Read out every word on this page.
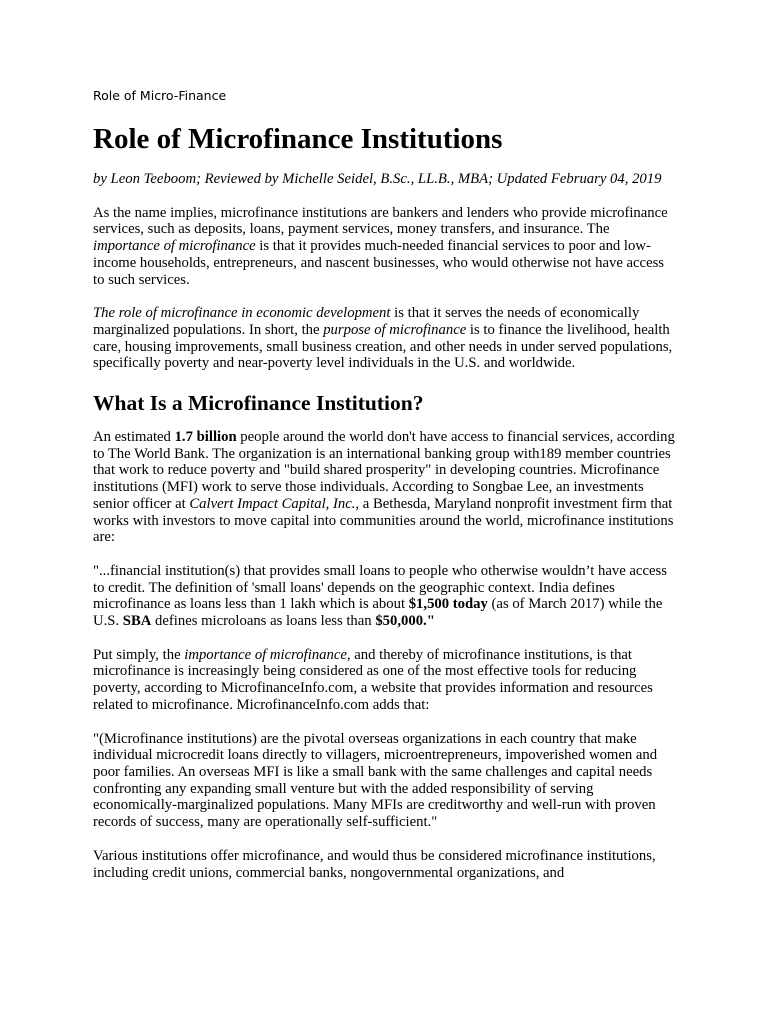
Role of Micro-Finance
Role of Microfinance Institutions

by Leon Teeboom; Reviewed by Michelle Seidel, B.Sc., LL.B., MBA; Updated February 04, 2019

As the name implies, microfinance institutions are bankers and lenders who provide microfinance services, such as deposits, loans, payment services, money transfers, and insurance. The importance of microfinance is that it provides much-needed financial services to poor and low-income households, entrepreneurs, and nascent businesses, who would otherwise not have access to such services.

The role of microfinance in economic development is that it serves the needs of economically marginalized populations. In short, the purpose of microfinance is to finance the livelihood, health care, housing improvements, small business creation, and other needs in under served populations, specifically poverty and near-poverty level individuals in the U.S. and worldwide.

What Is a Microfinance Institution?

An estimated 1.7 billion people around the world don't have access to financial services, according to The World Bank. The organization is an international banking group with189 member countries that work to reduce poverty and "build shared prosperity" in developing countries. Microfinance institutions (MFI) work to serve those individuals. According to Songbae Lee, an investments senior officer at Calvert Impact Capital, Inc., a Bethesda, Maryland nonprofit investment firm that works with investors to move capital into communities around the world, microfinance institutions are:

"...financial institution(s) that provides small loans to people who otherwise wouldn’t have access to credit. The definition of 'small loans' depends on the geographic context. India defines microfinance as loans less than 1 lakh which is about $1,500 today (as of March 2017) while the U.S. SBA defines microloans as loans less than $50,000."

Put simply, the importance of microfinance, and thereby of microfinance institutions, is that microfinance is increasingly being considered as one of the most effective tools for reducing poverty, according to MicrofinanceInfo.com, a website that provides information and resources related to microfinance. MicrofinanceInfo.com adds that:

"(Microfinance institutions) are the pivotal overseas organizations in each country that make individual microcredit loans directly to villagers, microentrepreneurs, impoverished women and poor families. An overseas MFI is like a small bank with the same challenges and capital needs confronting any expanding small venture but with the added responsibility of serving economically-marginalized populations. Many MFIs are creditworthy and well-run with proven records of success, many are operationally self-sufficient."

Various institutions offer microfinance, and would thus be considered microfinance institutions, including credit unions, commercial banks, nongovernmental organizations, and
